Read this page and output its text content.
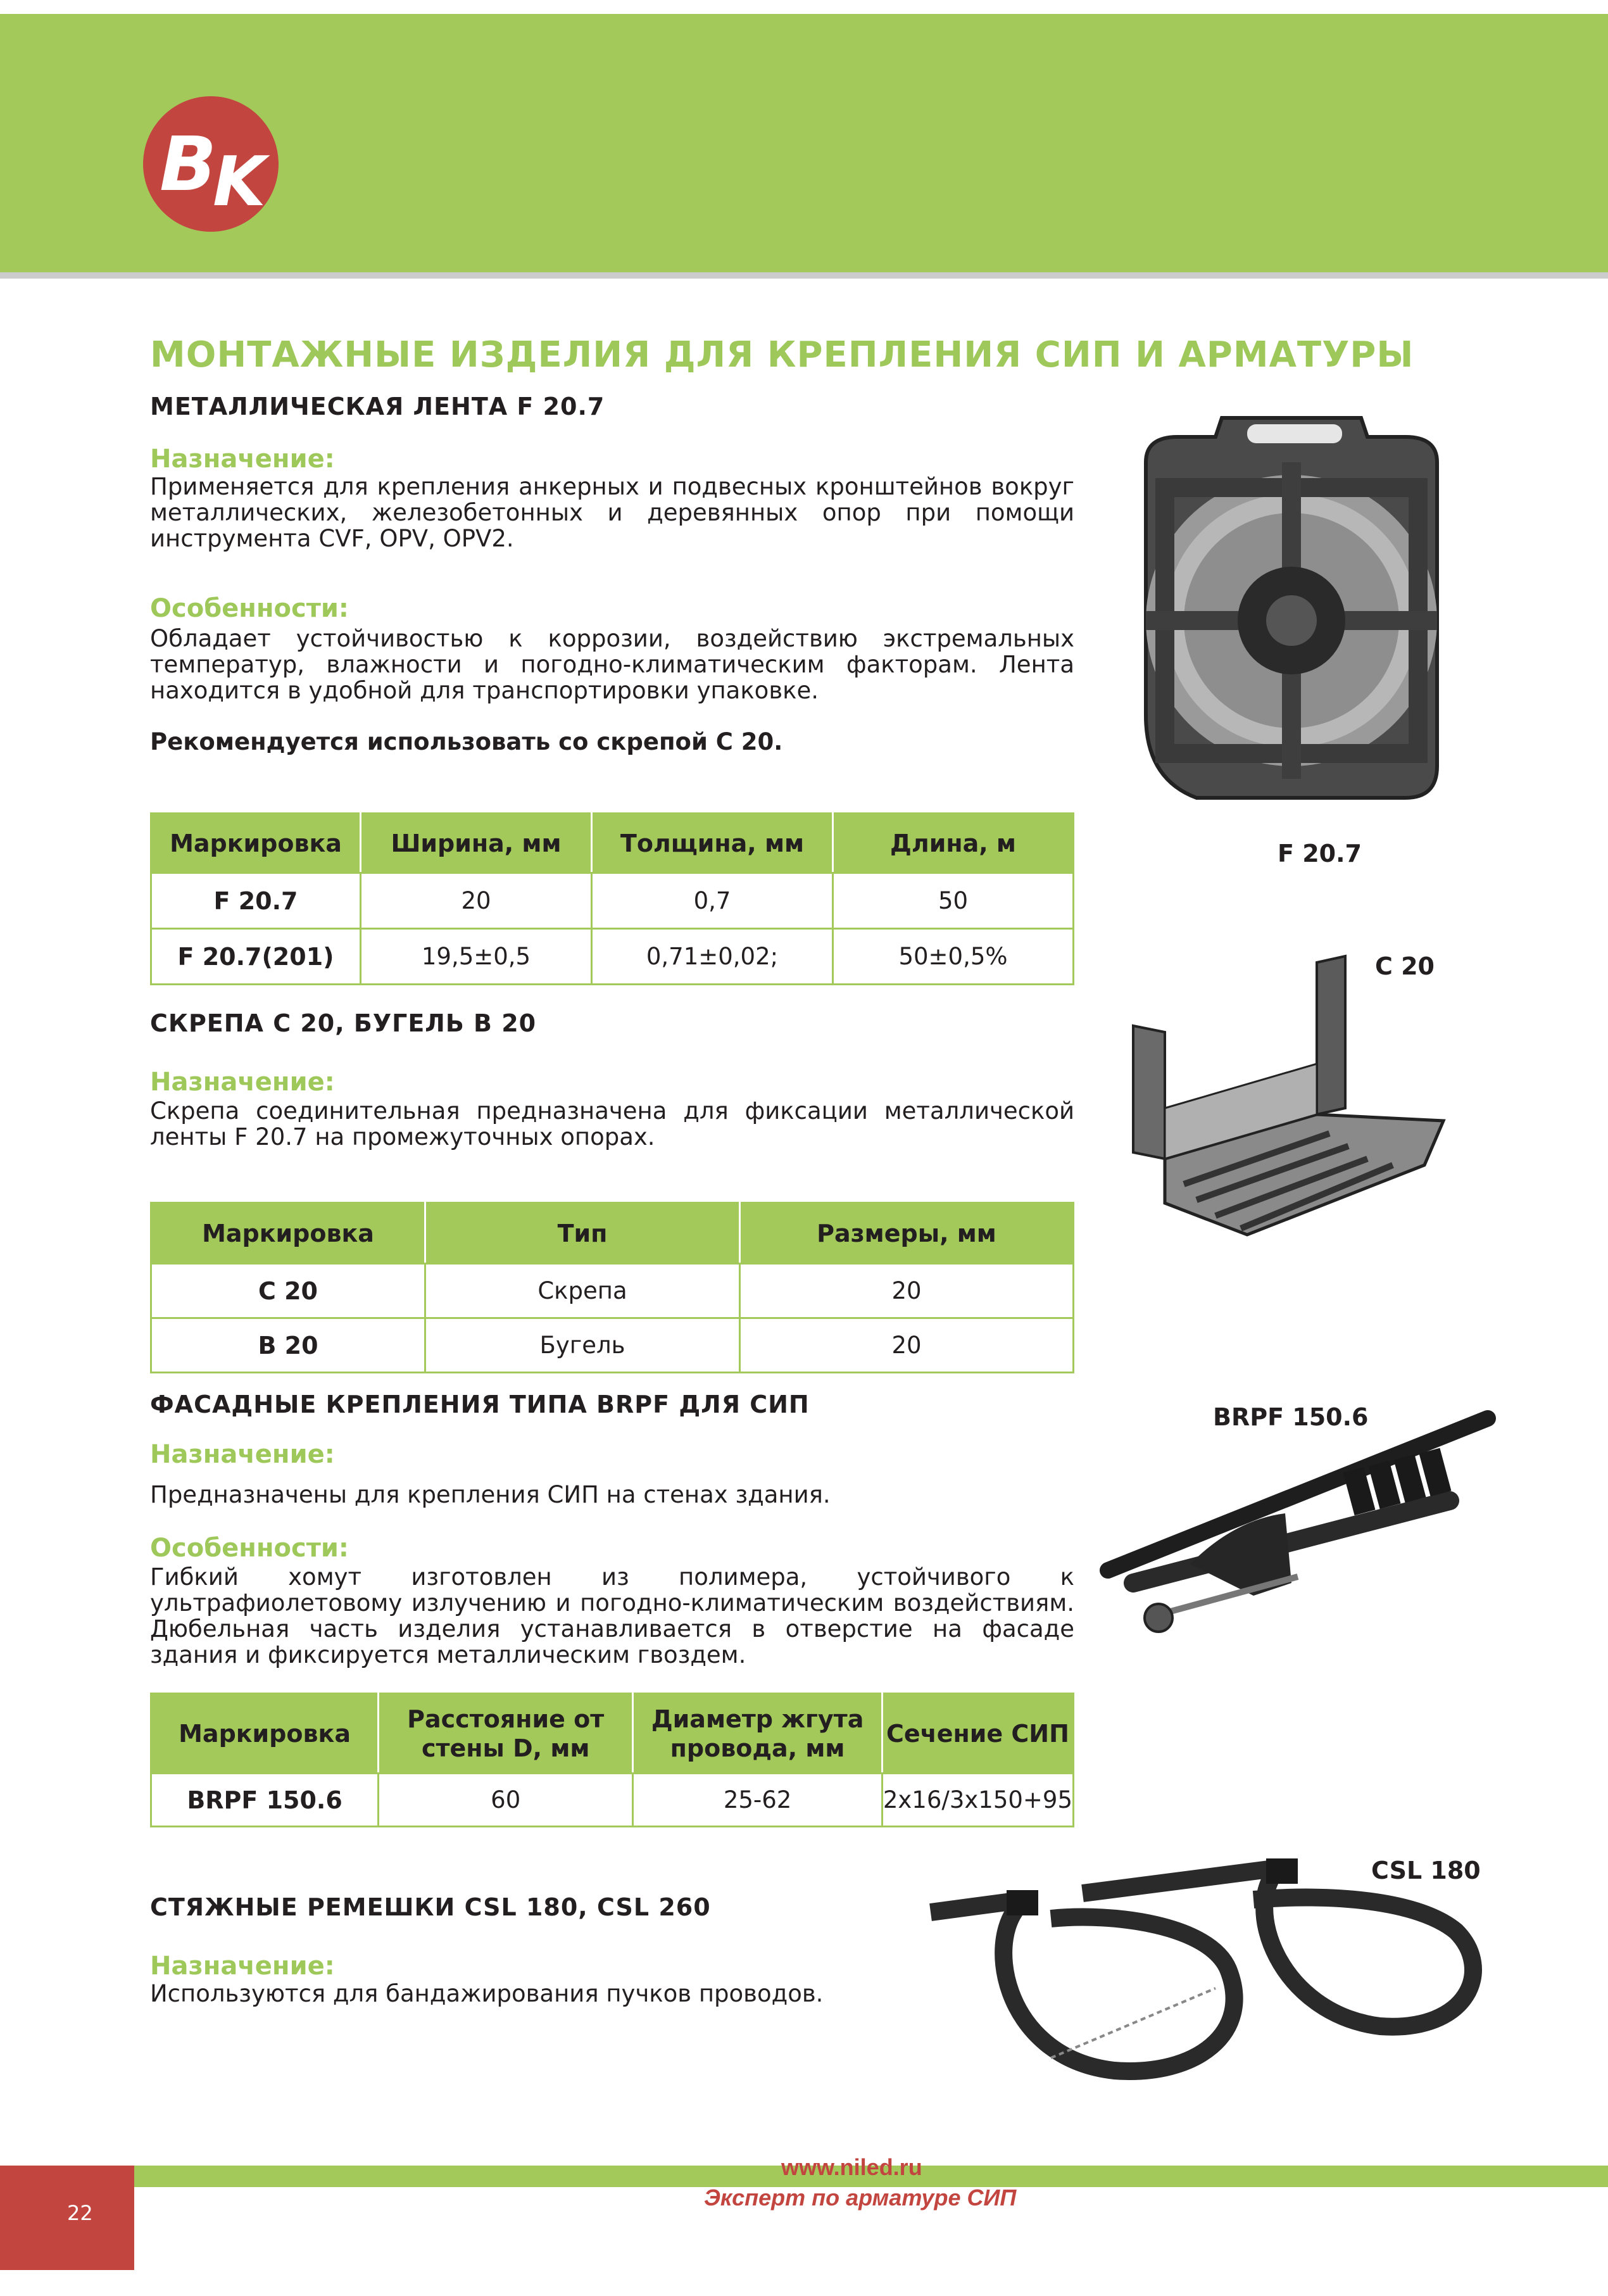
BK
МОНТАЖНЫЕ ИЗДЕЛИЯ ДЛЯ КРЕПЛЕНИЯ СИП И АРМАТУРЫ
МЕТАЛЛИЧЕСКАЯ ЛЕНТА F 20.7
Назначение:
Применяется для крепления анкерных и подвесных кронштейнов вокруг металлических, железобетонных и деревянных опор при помощи инструмента CVF, OPV, OPV2.
Особенности:
Обладает устойчивостью к коррозии, воздействию экстремальных температур, влажности и погодно-климатическим факторам. Лента находится в удобной для транспортировки упаковке.
Рекомендуется использовать со скрепой С 20.
Маркировка	Ширина, мм	Толщина, мм	Длина, м
F 20.7	20	0,7	50
F 20.7(201)	19,5±0,5	0,71±0,02;	50±0,5%
F 20.7
СКРЕПА С 20, БУГЕЛЬ В 20
Назначение:
Скрепа соединительная предназначена для фиксации металлической ленты F 20.7 на промежуточных опорах.
Маркировка	Тип	Размеры, мм
С 20	Скрепа	20
В 20	Бугель	20
С 20
ФАСАДНЫЕ КРЕПЛЕНИЯ ТИПА BRPF ДЛЯ СИП
Назначение:
Предназначены для крепления СИП на стенах здания.
Особенности:
Гибкий хомут изготовлен из полимера, устойчивого к ультрафиолетовому излучению и погодно-климатическим воздействиям. Дюбельная часть изделия устанавливается в отверстие на фасаде здания и фиксируется металлическим гвоздем.
Маркировка	Расстояние от стены D, мм	Диаметр жгута провода, мм	Сечение СИП
BRPF 150.6	60	25-62	2х16/3х150+95
BRPF 150.6
СТЯЖНЫЕ РЕМЕШКИ CSL 180, CSL 260
Назначение:
Используются для бандажирования пучков проводов.
CSL 180
22
www.niled.ru
Эксперт по арматуре СИП
